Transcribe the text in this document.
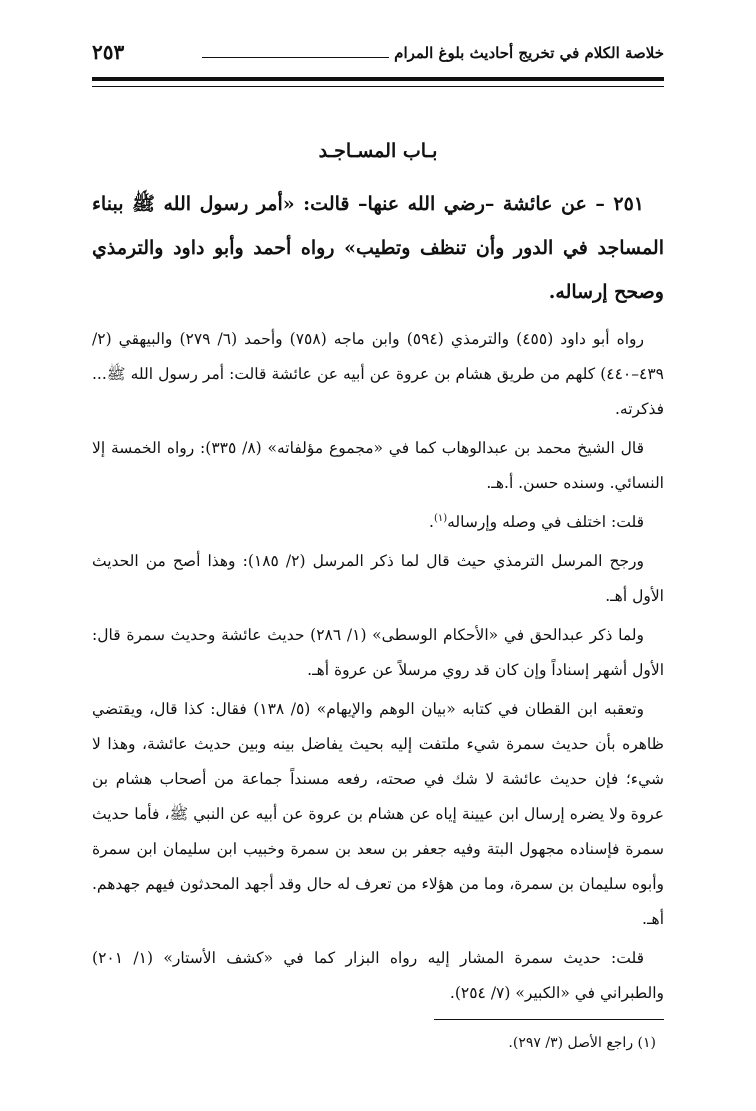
خلاصة الكلام في تخريج أحاديث بلوغ المرام
٢٥٣
بـاب المسـاجـد

٢٥١ – عن عائشة –رضي الله عنها– قالت: «أمر رسول الله ﷺ ببناء المساجد في الدور وأن تنظف وتطيب» رواه أحمد وأبو داود والترمذي وصحح إرساله.

رواه أبو داود (٤٥٥) والترمذي (٥٩٤) وابن ماجه (٧٥٨) وأحمد (٦/ ٢٧٩) والبيهقي (٢/ ٤٣٩–٤٤٠) كلهم من طريق هشام بن عروة عن أبيه عن عائشة قالت: أمر رسول الله ﷺ... فذكرته.

قال الشيخ محمد بن عبدالوهاب كما في «مجموع مؤلفاته» (٨/ ٣٣٥): رواه الخمسة إلا النسائي. وسنده حسن. أ.هـ.

قلت: اختلف في وصله وإرساله$^{(١)}$.

ورجح المرسل الترمذي حيث قال لما ذكر المرسل (٢/ ١٨٥): وهذا أصح من الحديث الأول أهـ.

ولما ذكر عبدالحق في «الأحكام الوسطى» (١/ ٢٨٦) حديث عائشة وحديث سمرة قال: الأول أشهر إسناداً وإن كان قد روي مرسلاً عن عروة أهـ.

وتعقبه ابن القطان في كتابه «بيان الوهم والإيهام» (٥/ ١٣٨) فقال: كذا قال، ويقتضي ظاهره بأن حديث سمرة شيء ملتفت إليه بحيث يفاضل بينه وبين حديث عائشة، وهذا لا شيء؛ فإن حديث عائشة لا شك في صحته، رفعه مسنداً جماعة من أصحاب هشام بن عروة ولا يضره إرسال ابن عيينة إياه عن هشام بن عروة عن أبيه عن النبي ﷺ، فأما حديث سمرة فإسناده مجهول البتة وفيه جعفر بن سعد بن سمرة وخبيب ابن سليمان ابن سمرة وأبوه سليمان بن سمرة، وما من هؤلاء من تعرف له حال وقد أجهد المحدثون فيهم جهدهم. أهـ.

قلت: حديث سمرة المشار إليه رواه البزار كما في «كشف الأستار» (١/ ٢٠١) والطبراني في «الكبير» (٧/ ٢٥٤).

(١) راجع الأصل (٣/ ٢٩٧).
